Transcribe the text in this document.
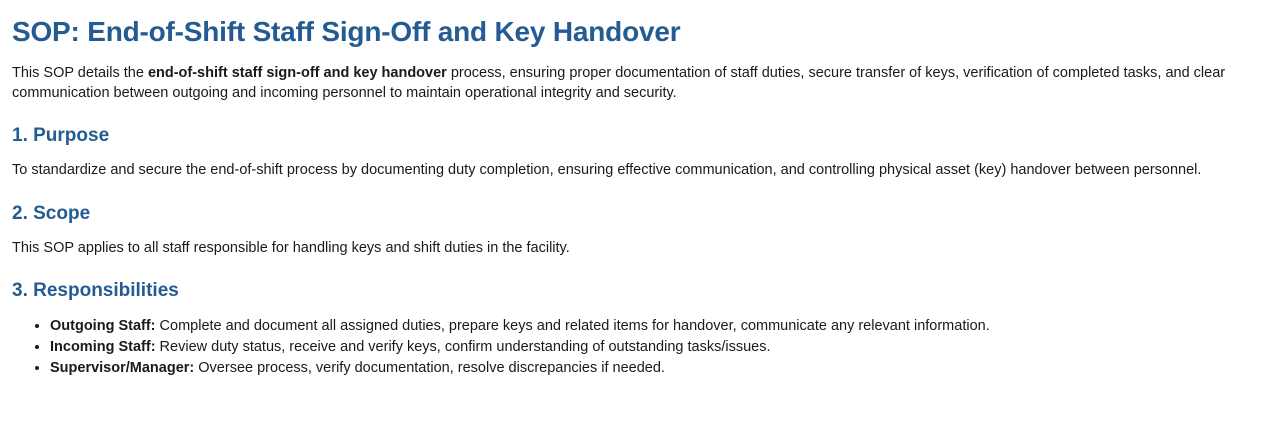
SOP: End-of-Shift Staff Sign-Off and Key Handover

This SOP details the end-of-shift staff sign-off and key handover process, ensuring proper documentation of staff duties, secure transfer of keys, verification of completed tasks, and clear communication between outgoing and incoming personnel to maintain operational integrity and security.

1. Purpose

To standardize and secure the end-of-shift process by documenting duty completion, ensuring effective communication, and controlling physical asset (key) handover between personnel.

2. Scope

This SOP applies to all staff responsible for handling keys and shift duties in the facility.

3. Responsibilities
• Outgoing Staff: Complete and document all assigned duties, prepare keys and related items for handover, communicate any relevant information.
• Incoming Staff: Review duty status, receive and verify keys, confirm understanding of outstanding tasks/issues.
• Supervisor/Manager: Oversee process, verify documentation, resolve discrepancies if needed.
